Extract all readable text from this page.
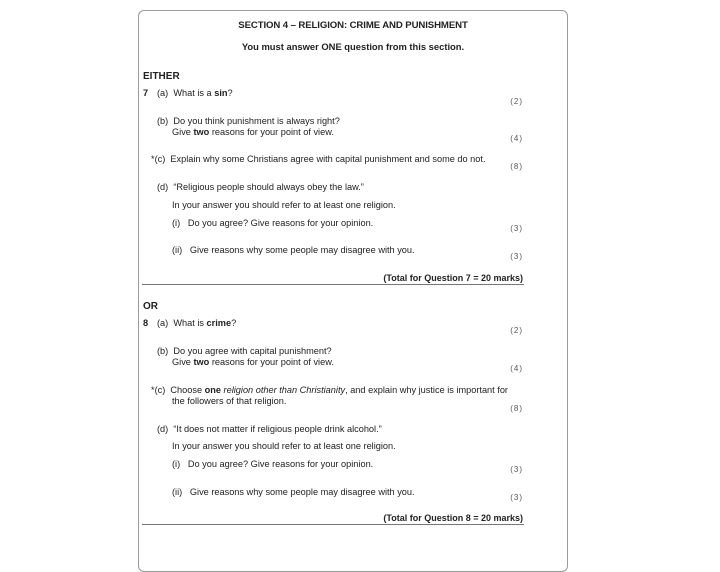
SECTION 4 – RELIGION: CRIME AND PUNISHMENT
You must answer ONE question from this section.
EITHER
7 (a) What is a sin?
(2)
(b) Do you think punishment is always right?
Give two reasons for your point of view.
(4)
*(c) Explain why some Christians agree with capital punishment and some do not.
(8)
(d) “Religious people should always obey the law.”
In your answer you should refer to at least one religion.
(i) Do you agree? Give reasons for your opinion.
(3)
(ii) Give reasons why some people may disagree with you.
(3)
(Total for Question 7 = 20 marks)
OR
8 (a) What is crime?
(2)
(b) Do you agree with capital punishment?
Give two reasons for your point of view.
(4)
*(c) Choose one religion other than Christianity, and explain why justice is important for
the followers of that religion.
(8)
(d) “It does not matter if religious people drink alcohol.”
In your answer you should refer to at least one religion.
(i) Do you agree? Give reasons for your opinion.
(3)
(ii) Give reasons why some people may disagree with you.
(3)
(Total for Question 8 = 20 marks)
